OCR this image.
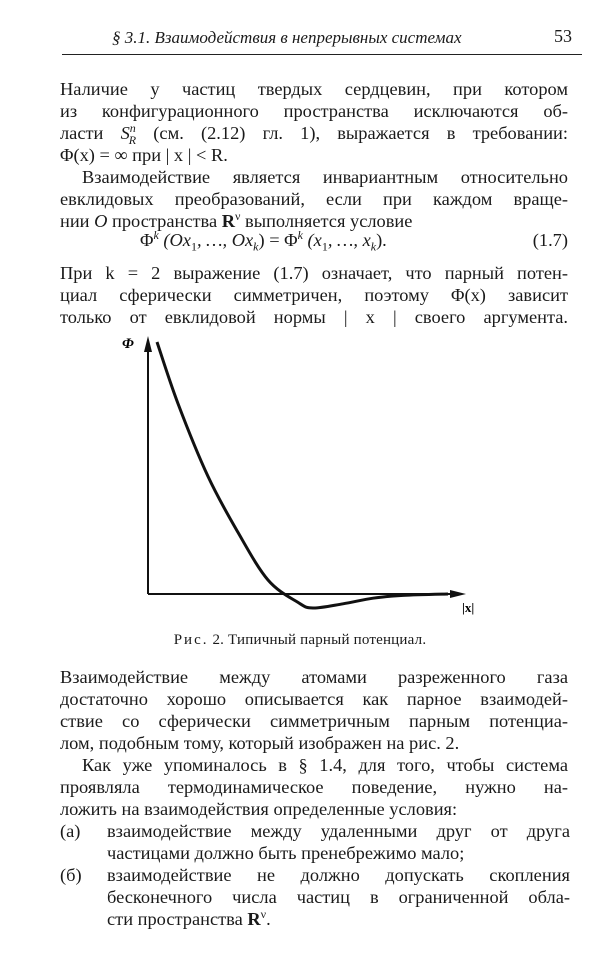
§ 3.1. Взаимодействия в непрерывных системах	53
Наличие у частиц твердых сердцевин, при котором
из конфигурационного пространства исключаются об-
ласти $S^n_R$ (см. (2.12) гл. 1), выражается в требовании:
Φ(x) = ∞ при | x | < R.
Взаимодействие является инвариантным относительно
евклидовых преобразований, если при каждом враще-
нии O пространства $R^\nu$ выполняется условие
$\Phi^k$ ($Ox_1$, …, $Ox_k) = \Phi^k$ ($x_1$, …, $x_k$).	(1.7)
При k = 2 выражение (1.7) означает, что парный потен-
циал сферически симметричен, поэтому Φ(x) зависит
только от евклидовой нормы | x | своего аргумента.
Φ
|x|
Рис. 2. Типичный парный потенциал.
Взаимодействие между атомами разреженного газа
достаточно хорошо описывается как парное взаимодей-
ствие со сферически симметричным парным потенциа-
лом, подобным тому, который изображен на рис. 2.
Как уже упоминалось в § 1.4, для того, чтобы система
проявляла термодинамическое поведение, нужно на-
ложить на взаимодействия определенные условия:
(а)	взаимодействие между удаленными друг от друга
частицами должно быть пренебрежимо мало;
(б)	взаимодействие не должно допускать скопления
бесконечного числа частиц в ограниченной обла-
сти пространства $R^\nu$.
